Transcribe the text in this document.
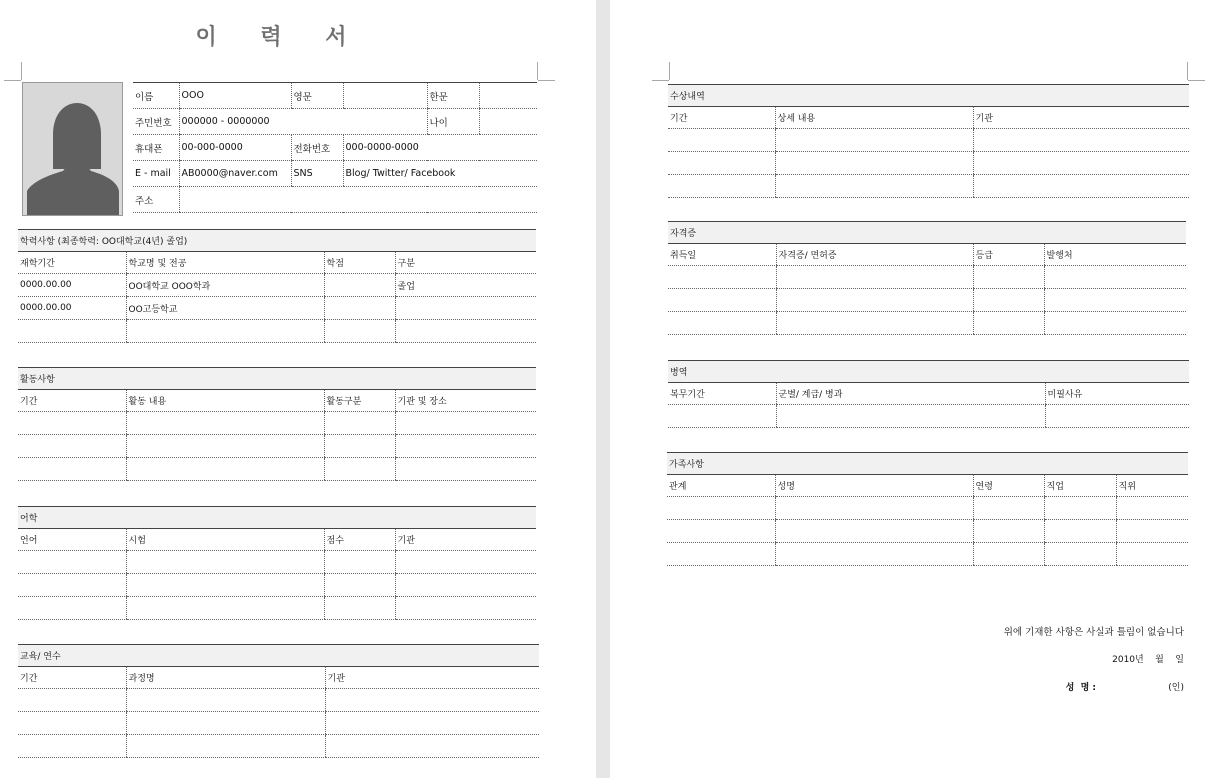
이 력 서
이름	OOO	영문		한문	
주민번호	000000 - 0000000			나이	
휴대폰	00-000-0000	전화번호	000-0000-0000		
E - mail	AB0000@naver.com	SNS	Blog/ Twitter/ Facebook		
주소					
학력사항 (최종학력: OO대학교(4년) 졸업)			
재학기간	학교명 및 전공	학점	구분
0000.00.00	OO대학교 OOO학과		졸업
0000.00.00	OO고등학교		

활동사항			
기간	활동 내용	활동구분	기관 및 장소

어학			
언어	시험	점수	기관

교육/ 연수		
기간	과정명	기관

수상내역		
기간	상세 내용	기관

자격증			
취득일	자격증/ 면허증	등급	발행처

병역		
복무기간	군별/ 계급/ 병과	미필사유

가족사항				
관계	성명	연령	직업	직위

위에 기재한 사항은 사실과 틀림이 없습니다
2010년    월    일
성  명 :	(인)
